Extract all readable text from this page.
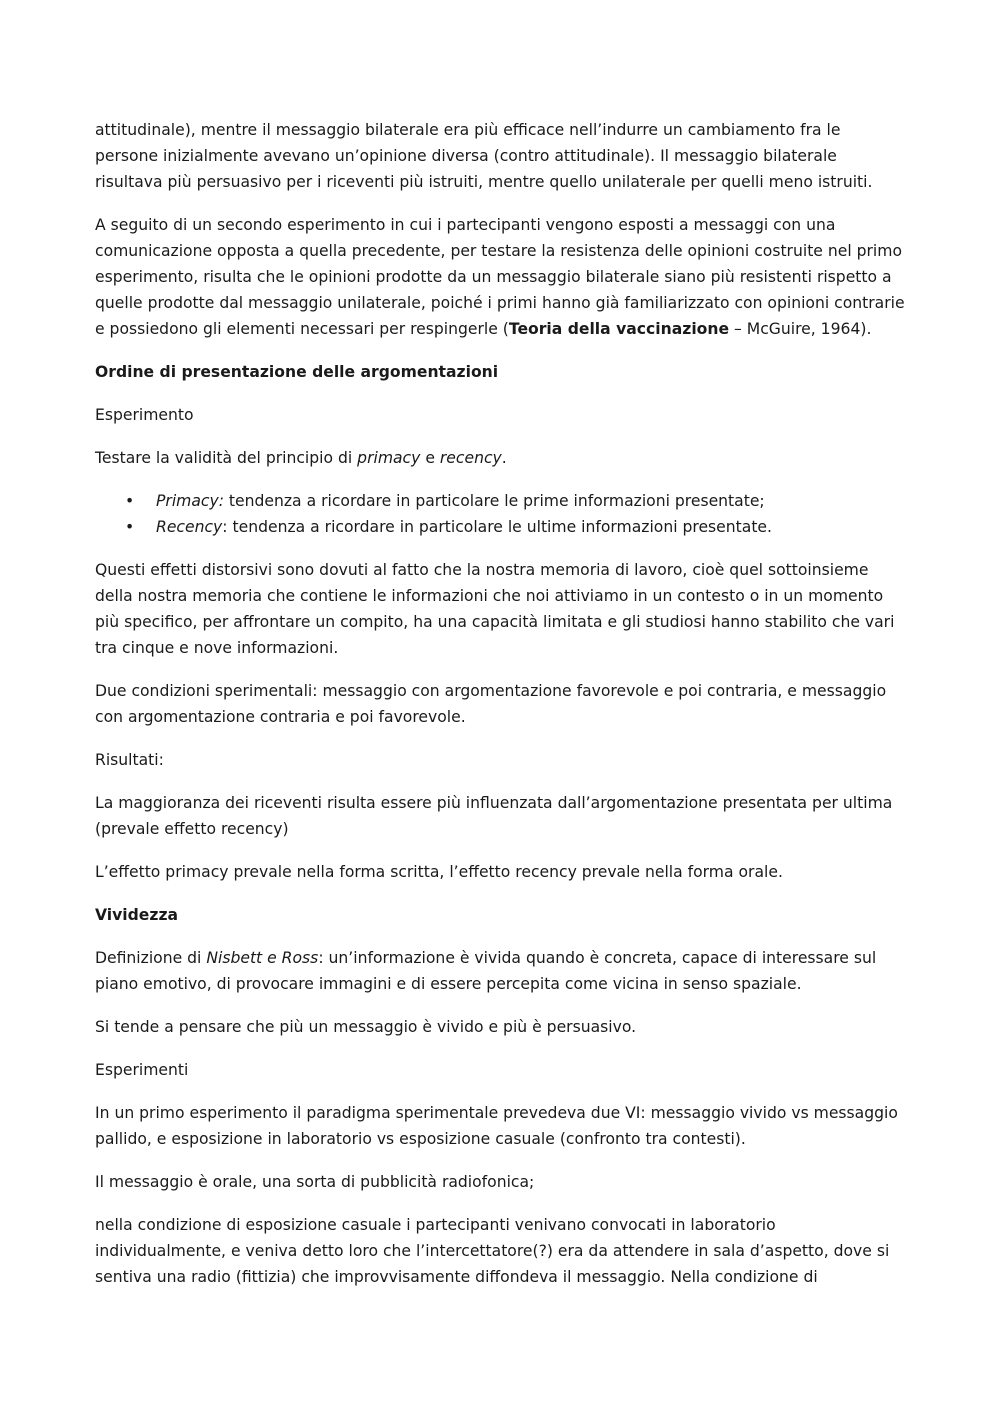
attitudinale), mentre il messaggio bilaterale era più efficace nell’indurre un cambiamento fra le persone inizialmente avevano un’opinione diversa (contro attitudinale). Il messaggio bilaterale risultava più persuasivo per i riceventi più istruiti, mentre quello unilaterale per quelli meno istruiti.

A seguito di un secondo esperimento in cui i partecipanti vengono esposti a messaggi con una comunicazione opposta a quella precedente, per testare la resistenza delle opinioni costruite nel primo esperimento, risulta che le opinioni prodotte da un messaggio bilaterale siano più resistenti rispetto a quelle prodotte dal messaggio unilaterale, poiché i primi hanno già familiarizzato con opinioni contrarie e possiedono gli elementi necessari per respingerle (Teoria della vaccinazione – McGuire, 1964).

Ordine di presentazione delle argomentazioni

Esperimento

Testare la validità del principio di primacy e recency.

• Primacy: tendenza a ricordare in particolare le prime informazioni presentate;
• Recency: tendenza a ricordare in particolare le ultime informazioni presentate.

Questi effetti distorsivi sono dovuti al fatto che la nostra memoria di lavoro, cioè quel sottoinsieme della nostra memoria che contiene le informazioni che noi attiviamo in un contesto o in un momento più specifico, per affrontare un compito, ha una capacità limitata e gli studiosi hanno stabilito che vari tra cinque e nove informazioni.

Due condizioni sperimentali: messaggio con argomentazione favorevole e poi contraria, e messaggio con argomentazione contraria e poi favorevole.

Risultati:

La maggioranza dei riceventi risulta essere più influenzata dall’argomentazione presentata per ultima (prevale effetto recency)

L’effetto primacy prevale nella forma scritta, l’effetto recency prevale nella forma orale.

Vividezza

Definizione di Nisbett e Ross: un’informazione è vivida quando è concreta, capace di interessare sul piano emotivo, di provocare immagini e di essere percepita come vicina in senso spaziale.

Si tende a pensare che più un messaggio è vivido e più è persuasivo.

Esperimenti

In un primo esperimento il paradigma sperimentale prevedeva due VI: messaggio vivido vs messaggio pallido, e esposizione in laboratorio vs esposizione casuale (confronto tra contesti).

Il messaggio è orale, una sorta di pubblicità radiofonica;

nella condizione di esposizione casuale i partecipanti venivano convocati in laboratorio individualmente, e veniva detto loro che l’intercettatore(?) era da attendere in sala d’aspetto, dove si sentiva una radio (fittizia) che improvvisamente diffondeva il messaggio. Nella condizione di
